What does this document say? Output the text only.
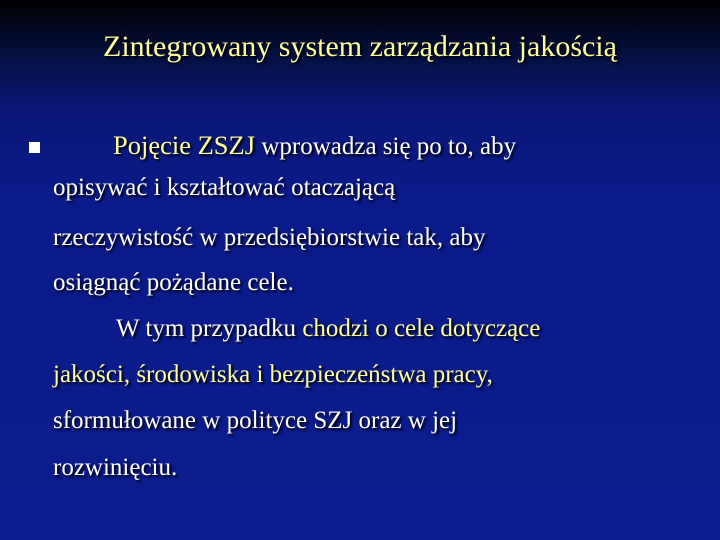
Zintegrowany system zarządzania jakością
Pojęcie ZSZJ wprowadza się po to, aby
opisywać i kształtować otaczającą
rzeczywistość w przedsiębiorstwie tak, aby
osiągnąć pożądane cele.
W tym przypadku chodzi o cele dotyczące
jakości, środowiska i bezpieczeństwa pracy,
sformułowane w polityce SZJ oraz w jej
rozwinięciu.
